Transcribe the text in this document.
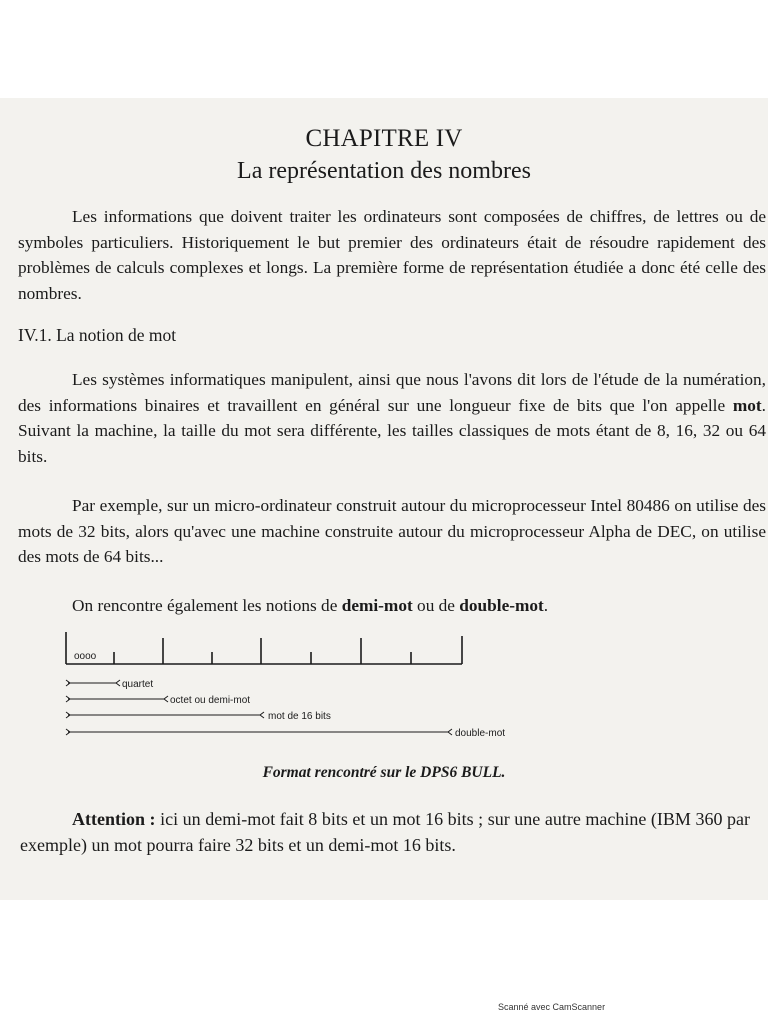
CHAPITRE IV
La représentation des nombres

Les informations que doivent traiter les ordinateurs sont composées de chiffres, de lettres ou de symboles particuliers. Historiquement le but premier des ordinateurs était de résoudre rapidement des problèmes de calculs complexes et longs. La première forme de représentation étudiée a donc été celle des nombres.

IV.1. La notion de mot

Les systèmes informatiques manipulent, ainsi que nous l'avons dit lors de l'étude de la numération, des informations binaires et travaillent en général sur une longueur fixe de bits que l'on appelle mot. Suivant la machine, la taille du mot sera différente, les tailles classiques de mots étant de 8, 16, 32 ou 64 bits.

Par exemple, sur un micro-ordinateur construit autour du microprocesseur Intel 80486 on utilise des mots de 32 bits, alors qu'avec une machine construite autour du microprocesseur Alpha de DEC, on utilise des mots de 64 bits...

On rencontre également les notions de demi-mot ou de double-mot.

oooo
quartet
octet ou demi-mot
mot de 16 bits
double-mot

Format rencontré sur le DPS6 BULL.

Attention : ici un demi-mot fait 8 bits et un mot 16 bits ; sur une autre machine (IBM 360 par exemple) un mot pourra faire 32 bits et un demi-mot 16 bits.

Scanné avec CamScanner
